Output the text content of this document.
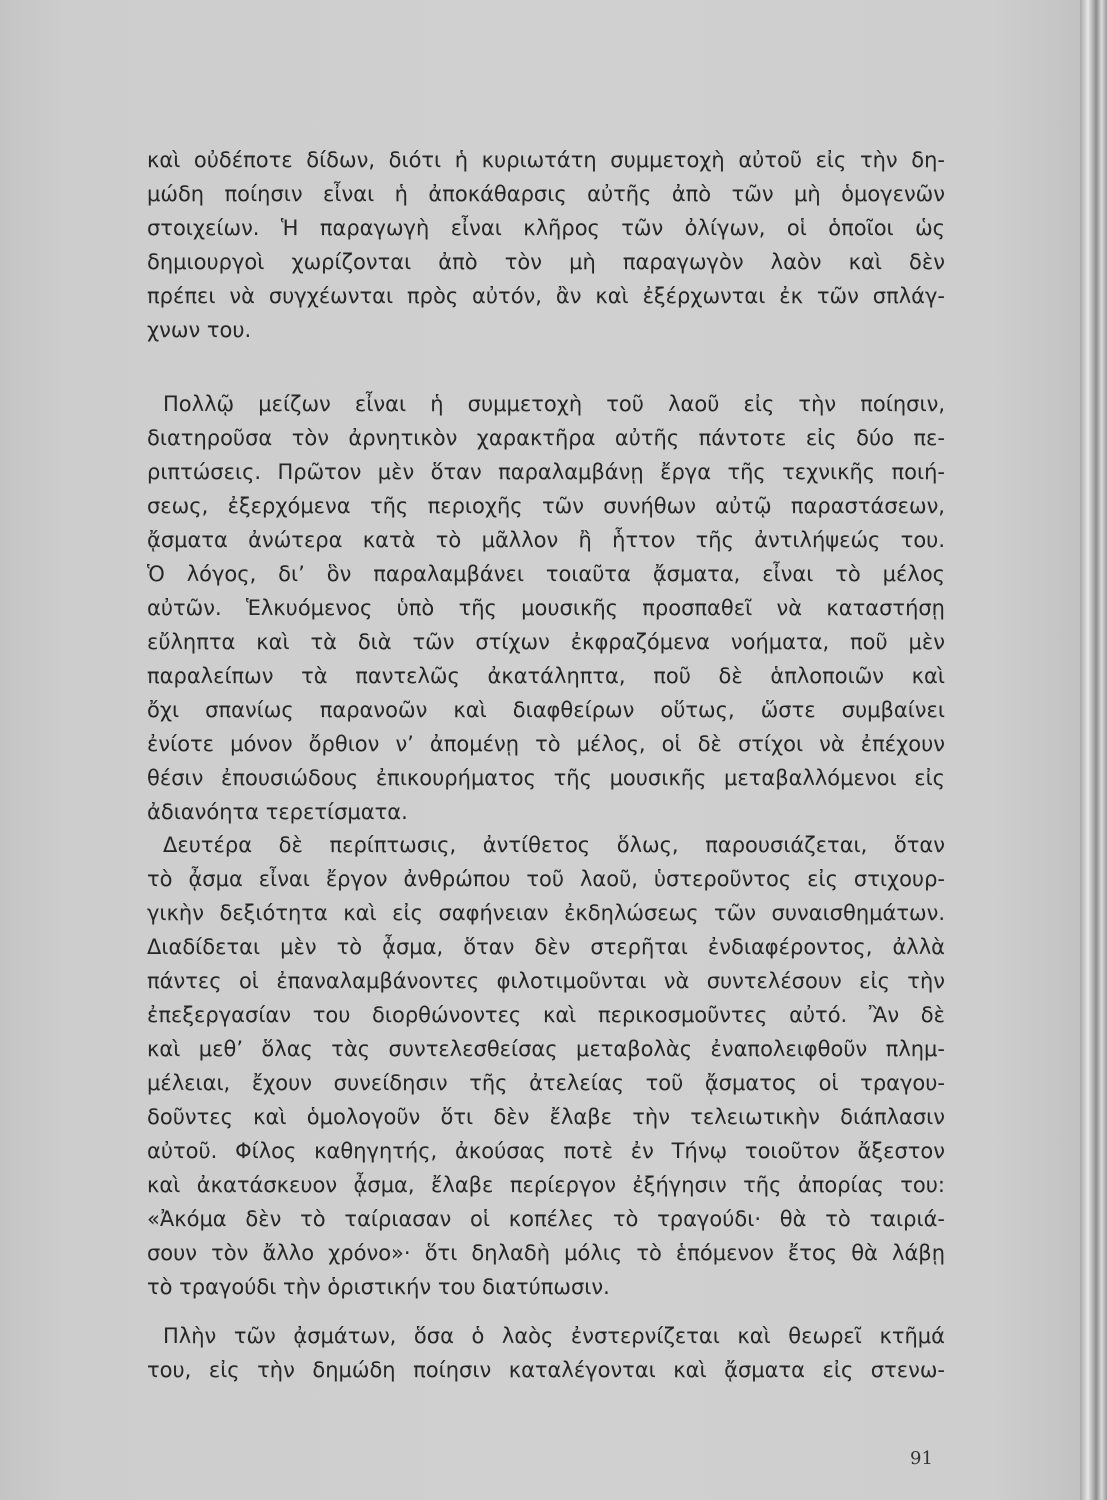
καὶ οὐδέποτε δίδων, διότι ἡ κυριωτάτη συμμετοχὴ αὐτοῦ εἰς τὴν δη-
μώδη ποίησιν εἶναι ἡ ἀποκάθαρσις αὐτῆς ἀπὸ τῶν μὴ ὁμογενῶν
στοιχείων. Ἡ παραγωγὴ εἶναι κλῆρος τῶν ὀλίγων, οἱ ὁποῖοι ὡς
δημιουργοὶ χωρίζονται ἀπὸ τὸν μὴ παραγωγὸν λαὸν καὶ δὲν
πρέπει νὰ συγχέωνται πρὸς αὐτόν, ἂν καὶ ἐξέρχωνται ἐκ τῶν σπλάγ-
χνων του.
Πολλῷ μείζων εἶναι ἡ συμμετοχὴ τοῦ λαοῦ εἰς τὴν ποίησιν,
διατηροῦσα τὸν ἀρνητικὸν χαρακτῆρα αὐτῆς πάντοτε εἰς δύο πε-
ριπτώσεις. Πρῶτον μὲν ὅταν παραλαμβάνῃ ἔργα τῆς τεχνικῆς ποιή-
σεως, ἐξερχόμενα τῆς περιοχῆς τῶν συνήθων αὐτῷ παραστάσεων,
ᾄσματα ἀνώτερα κατὰ τὸ μᾶλλον ἢ ἧττον τῆς ἀντιλήψεώς του.
Ὁ λόγος, δι’ ὃν παραλαμβάνει τοιαῦτα ᾄσματα, εἶναι τὸ μέλος
αὐτῶν. Ἑλκυόμενος ὑπὸ τῆς μουσικῆς προσπαθεῖ νὰ καταστήσῃ
εὔληπτα καὶ τὰ διὰ τῶν στίχων ἐκφραζόμενα νοήματα, ποῦ μὲν
παραλείπων τὰ παντελῶς ἀκατάληπτα, ποῦ δὲ ἁπλοποιῶν καὶ
ὄχι σπανίως παρανοῶν καὶ διαφθείρων οὕτως, ὥστε συμβαίνει
ἐνίοτε μόνον ὄρθιον ν’ ἀπομένῃ τὸ μέλος, οἱ δὲ στίχοι νὰ ἐπέχουν
θέσιν ἐπουσιώδους ἐπικουρήματος τῆς μουσικῆς μεταβαλλόμενοι εἰς
ἀδιανόητα τερετίσματα.
Δευτέρα δὲ περίπτωσις, ἀντίθετος ὅλως, παρουσιάζεται, ὅταν
τὸ ᾆσμα εἶναι ἔργον ἀνθρώπου τοῦ λαοῦ, ὑστεροῦντος εἰς στιχουρ-
γικὴν δεξιότητα καὶ εἰς σαφήνειαν ἐκδηλώσεως τῶν συναισθημάτων.
Διαδίδεται μὲν τὸ ᾆσμα, ὅταν δὲν στερῆται ἐνδιαφέροντος, ἀλλὰ
πάντες οἱ ἐπαναλαμβάνοντες φιλοτιμοῦνται νὰ συντελέσουν εἰς τὴν
ἐπεξεργασίαν του διορθώνοντες καὶ περικοσμοῦντες αὐτό. Ἂν δὲ
καὶ μεθ’ ὅλας τὰς συντελεσθείσας μεταβολὰς ἐναπολειφθοῦν πλημ-
μέλειαι, ἔχουν συνείδησιν τῆς ἀτελείας τοῦ ᾄσματος οἱ τραγου-
δοῦντες καὶ ὁμολογοῦν ὅτι δὲν ἔλαβε τὴν τελειωτικὴν διάπλασιν
αὐτοῦ. Φίλος καθηγητής, ἀκούσας ποτὲ ἐν Τήνῳ τοιοῦτον ἄξεστον
καὶ ἀκατάσκευον ᾆσμα, ἔλαβε περίεργον ἐξήγησιν τῆς ἀπορίας του:
«Ἀκόμα δὲν τὸ ταίριασαν οἱ κοπέλες τὸ τραγούδι· θὰ τὸ ταιριά-
σουν τὸν ἄλλο χρόνο»· ὅτι δηλαδὴ μόλις τὸ ἑπόμενον ἔτος θὰ λάβῃ
τὸ τραγούδι τὴν ὁριστικήν του διατύπωσιν.
Πλὴν τῶν ᾀσμάτων, ὅσα ὁ λαὸς ἐνστερνίζεται καὶ θεωρεῖ κτῆμά
του, εἰς τὴν δημώδη ποίησιν καταλέγονται καὶ ᾄσματα εἰς στενω-
91
